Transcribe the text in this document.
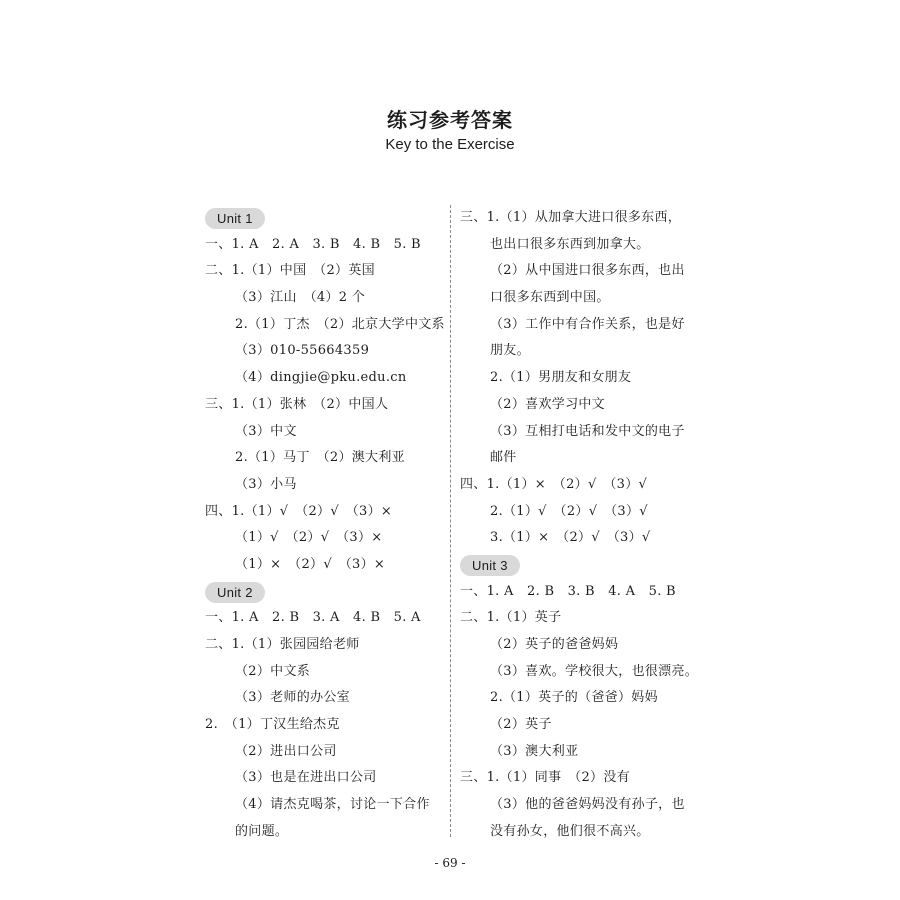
练习参考答案
Key to the Exercise
Unit 1
一、1. A　2. A　3. B　4. B　5. B
二、1.（1）中国　（2）英国
（3）江山　（4）2 个
2.（1）丁杰　（2）北京大学中文系
（3）010-55664359
（4）dingjie@pku.edu.cn
三、1.（1）张林　（2）中国人
（3）中文
2.（1）马丁　（2）澳大利亚
（3）小马
四、1.（1）√　（2）√　（3）×
（1）√　（2）√　（3）×
（1）×　（2）√　（3）×
Unit 2
一、1. A　2. B　3. A　4. B　5. A
二、1.（1）张园园给老师
（2）中文系
（3）老师的办公室
2.　（1）丁汉生给杰克
（2）进出口公司
（3）也是在进出口公司
（4）请杰克喝茶，讨论一下合作
的问题。
三、1.（1）从加拿大进口很多东西，
也出口很多东西到加拿大。
（2）从中国进口很多东西，也出
口很多东西到中国。
（3）工作中有合作关系，也是好
朋友。
2.（1）男朋友和女朋友
（2）喜欢学习中文
（3）互相打电话和发中文的电子
邮件
四、1.（1）×　（2）√　（3）√
2.（1）√　（2）√　（3）√
3.（1）×　（2）√　（3）√
Unit 3
一、1. A　2. B　3. B　4. A　5. B
二、1.（1）英子
（2）英子的爸爸妈妈
（3）喜欢。学校很大，也很漂亮。
2.（1）英子的（爸爸）妈妈
（2）英子
（3）澳大利亚
三、1.（1）同事　（2）没有
（3）他的爸爸妈妈没有孙子，也
没有孙女，他们很不高兴。
- 69 -
